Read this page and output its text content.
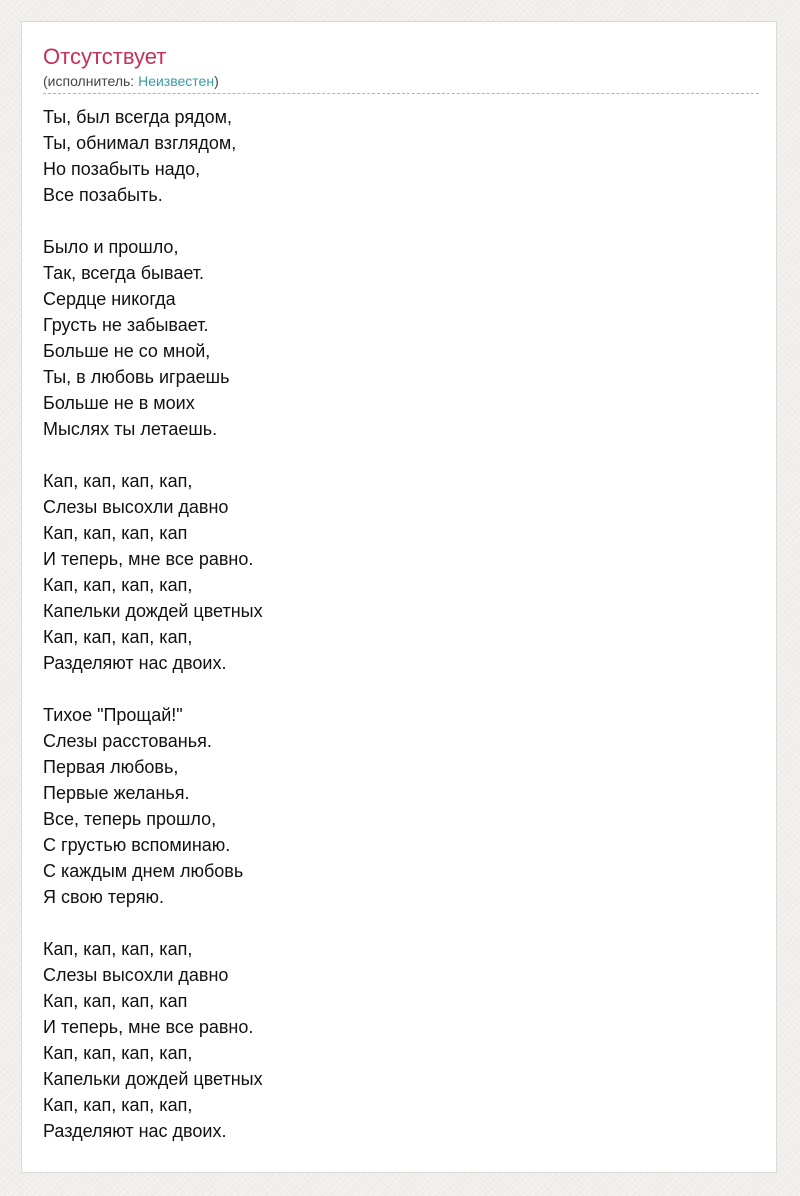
Отсутствует

(исполнитель: Неизвестен)

Ты, был всегда рядом,
Ты, обнимал взглядом,
Но позабыть надо,
Все позабыть.
Было и прошло,
Так, всегда бывает.
Сердце никогда
Грусть не забывает.
Больше не со мной,
Ты, в любовь играешь
Больше не в моих
Мыслях ты летаешь.
Кап, кап, кап, кап,
Слезы высохли давно
Кап, кап, кап, кап
И теперь, мне все равно.
Кап, кап, кап, кап,
Капельки дождей цветных
Кап, кап, кап, кап,
Разделяют нас двоих.
Тихое "Прощай!"
Слезы расстованья.
Первая любовь,
Первые желанья.
Все, теперь прошло,
С грустью вспоминаю.
С каждым днем любовь
Я свою теряю.
Кап, кап, кап, кап,
Слезы высохли давно
Кап, кап, кап, кап
И теперь, мне все равно.
Кап, кап, кап, кап,
Капельки дождей цветных
Кап, кап, кап, кап,
Разделяют нас двоих.
